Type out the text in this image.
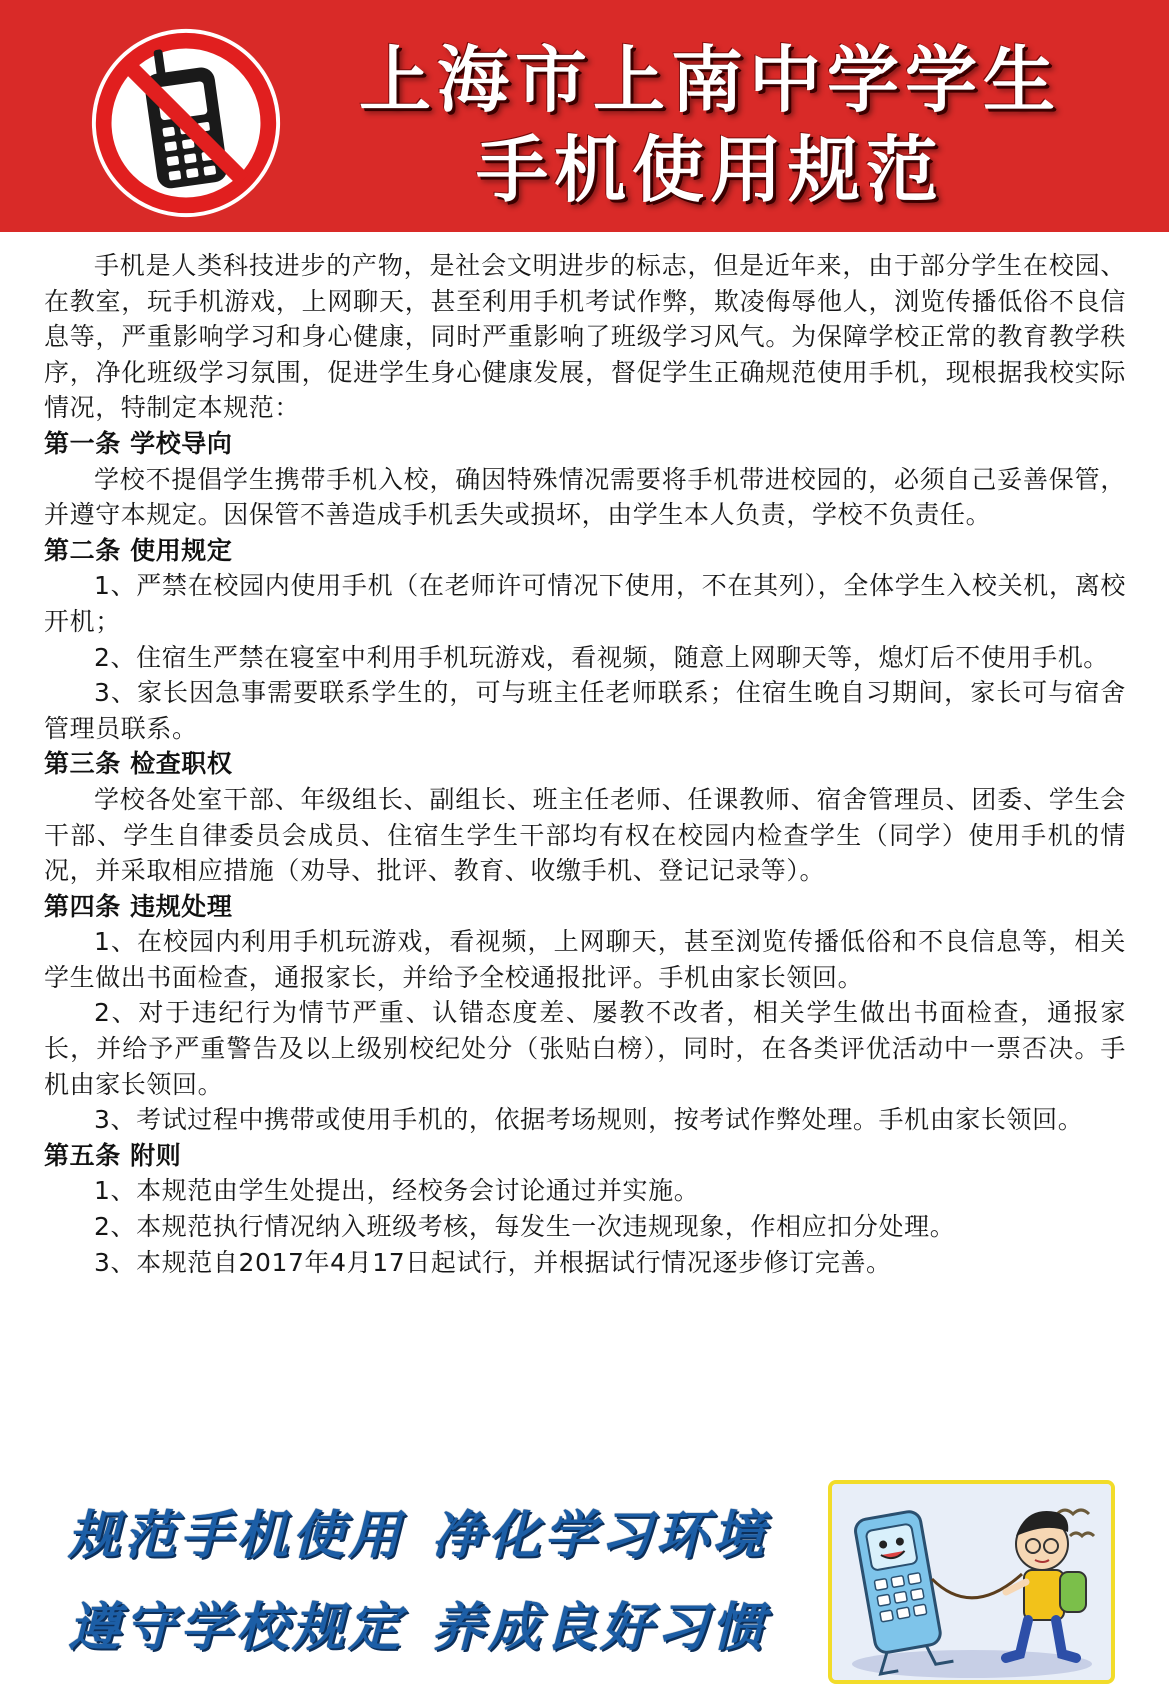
上海市上南中学学生
手机使用规范

手机是人类科技进步的产物，是社会文明进步的标志，但是近年来，由于部分学生在校园、在教室，玩手机游戏，上网聊天，甚至利用手机考试作弊，欺凌侮辱他人，浏览传播低俗不良信息等，严重影响学习和身心健康，同时严重影响了班级学习风气。为保障学校正常的教育教学秩序，净化班级学习氛围，促进学生身心健康发展，督促学生正确规范使用手机，现根据我校实际情况，特制定本规范：

第一条 学校导向

学校不提倡学生携带手机入校，确因特殊情况需要将手机带进校园的，必须自己妥善保管，并遵守本规定。因保管不善造成手机丢失或损坏，由学生本人负责，学校不负责任。

第二条 使用规定

1、严禁在校园内使用手机（在老师许可情况下使用，不在其列），全体学生入校关机，离校开机；

2、住宿生严禁在寝室中利用手机玩游戏，看视频，随意上网聊天等，熄灯后不使用手机。

3、家长因急事需要联系学生的，可与班主任老师联系；住宿生晚自习期间，家长可与宿舍管理员联系。

第三条 检查职权

学校各处室干部、年级组长、副组长、班主任老师、任课教师、宿舍管理员、团委、学生会干部、学生自律委员会成员、住宿生学生干部均有权在校园内检查学生（同学）使用手机的情况，并采取相应措施（劝导、批评、教育、收缴手机、登记记录等）。

第四条 违规处理

1、在校园内利用手机玩游戏，看视频，上网聊天，甚至浏览传播低俗和不良信息等，相关学生做出书面检查，通报家长，并给予全校通报批评。手机由家长领回。

2、对于违纪行为情节严重、认错态度差、屡教不改者，相关学生做出书面检查，通报家长，并给予严重警告及以上级别校纪处分（张贴白榜），同时，在各类评优活动中一票否决。手机由家长领回。

3、考试过程中携带或使用手机的，依据考场规则，按考试作弊处理。手机由家长领回。

第五条 附则

1、本规范由学生处提出，经校务会讨论通过并实施。

2、本规范执行情况纳入班级考核，每发生一次违规现象，作相应扣分处理。

3、本规范自2017年4月17日起试行，并根据试行情况逐步修订完善。

规范手机使用 净化学习环境
遵守学校规定 养成良好习惯
